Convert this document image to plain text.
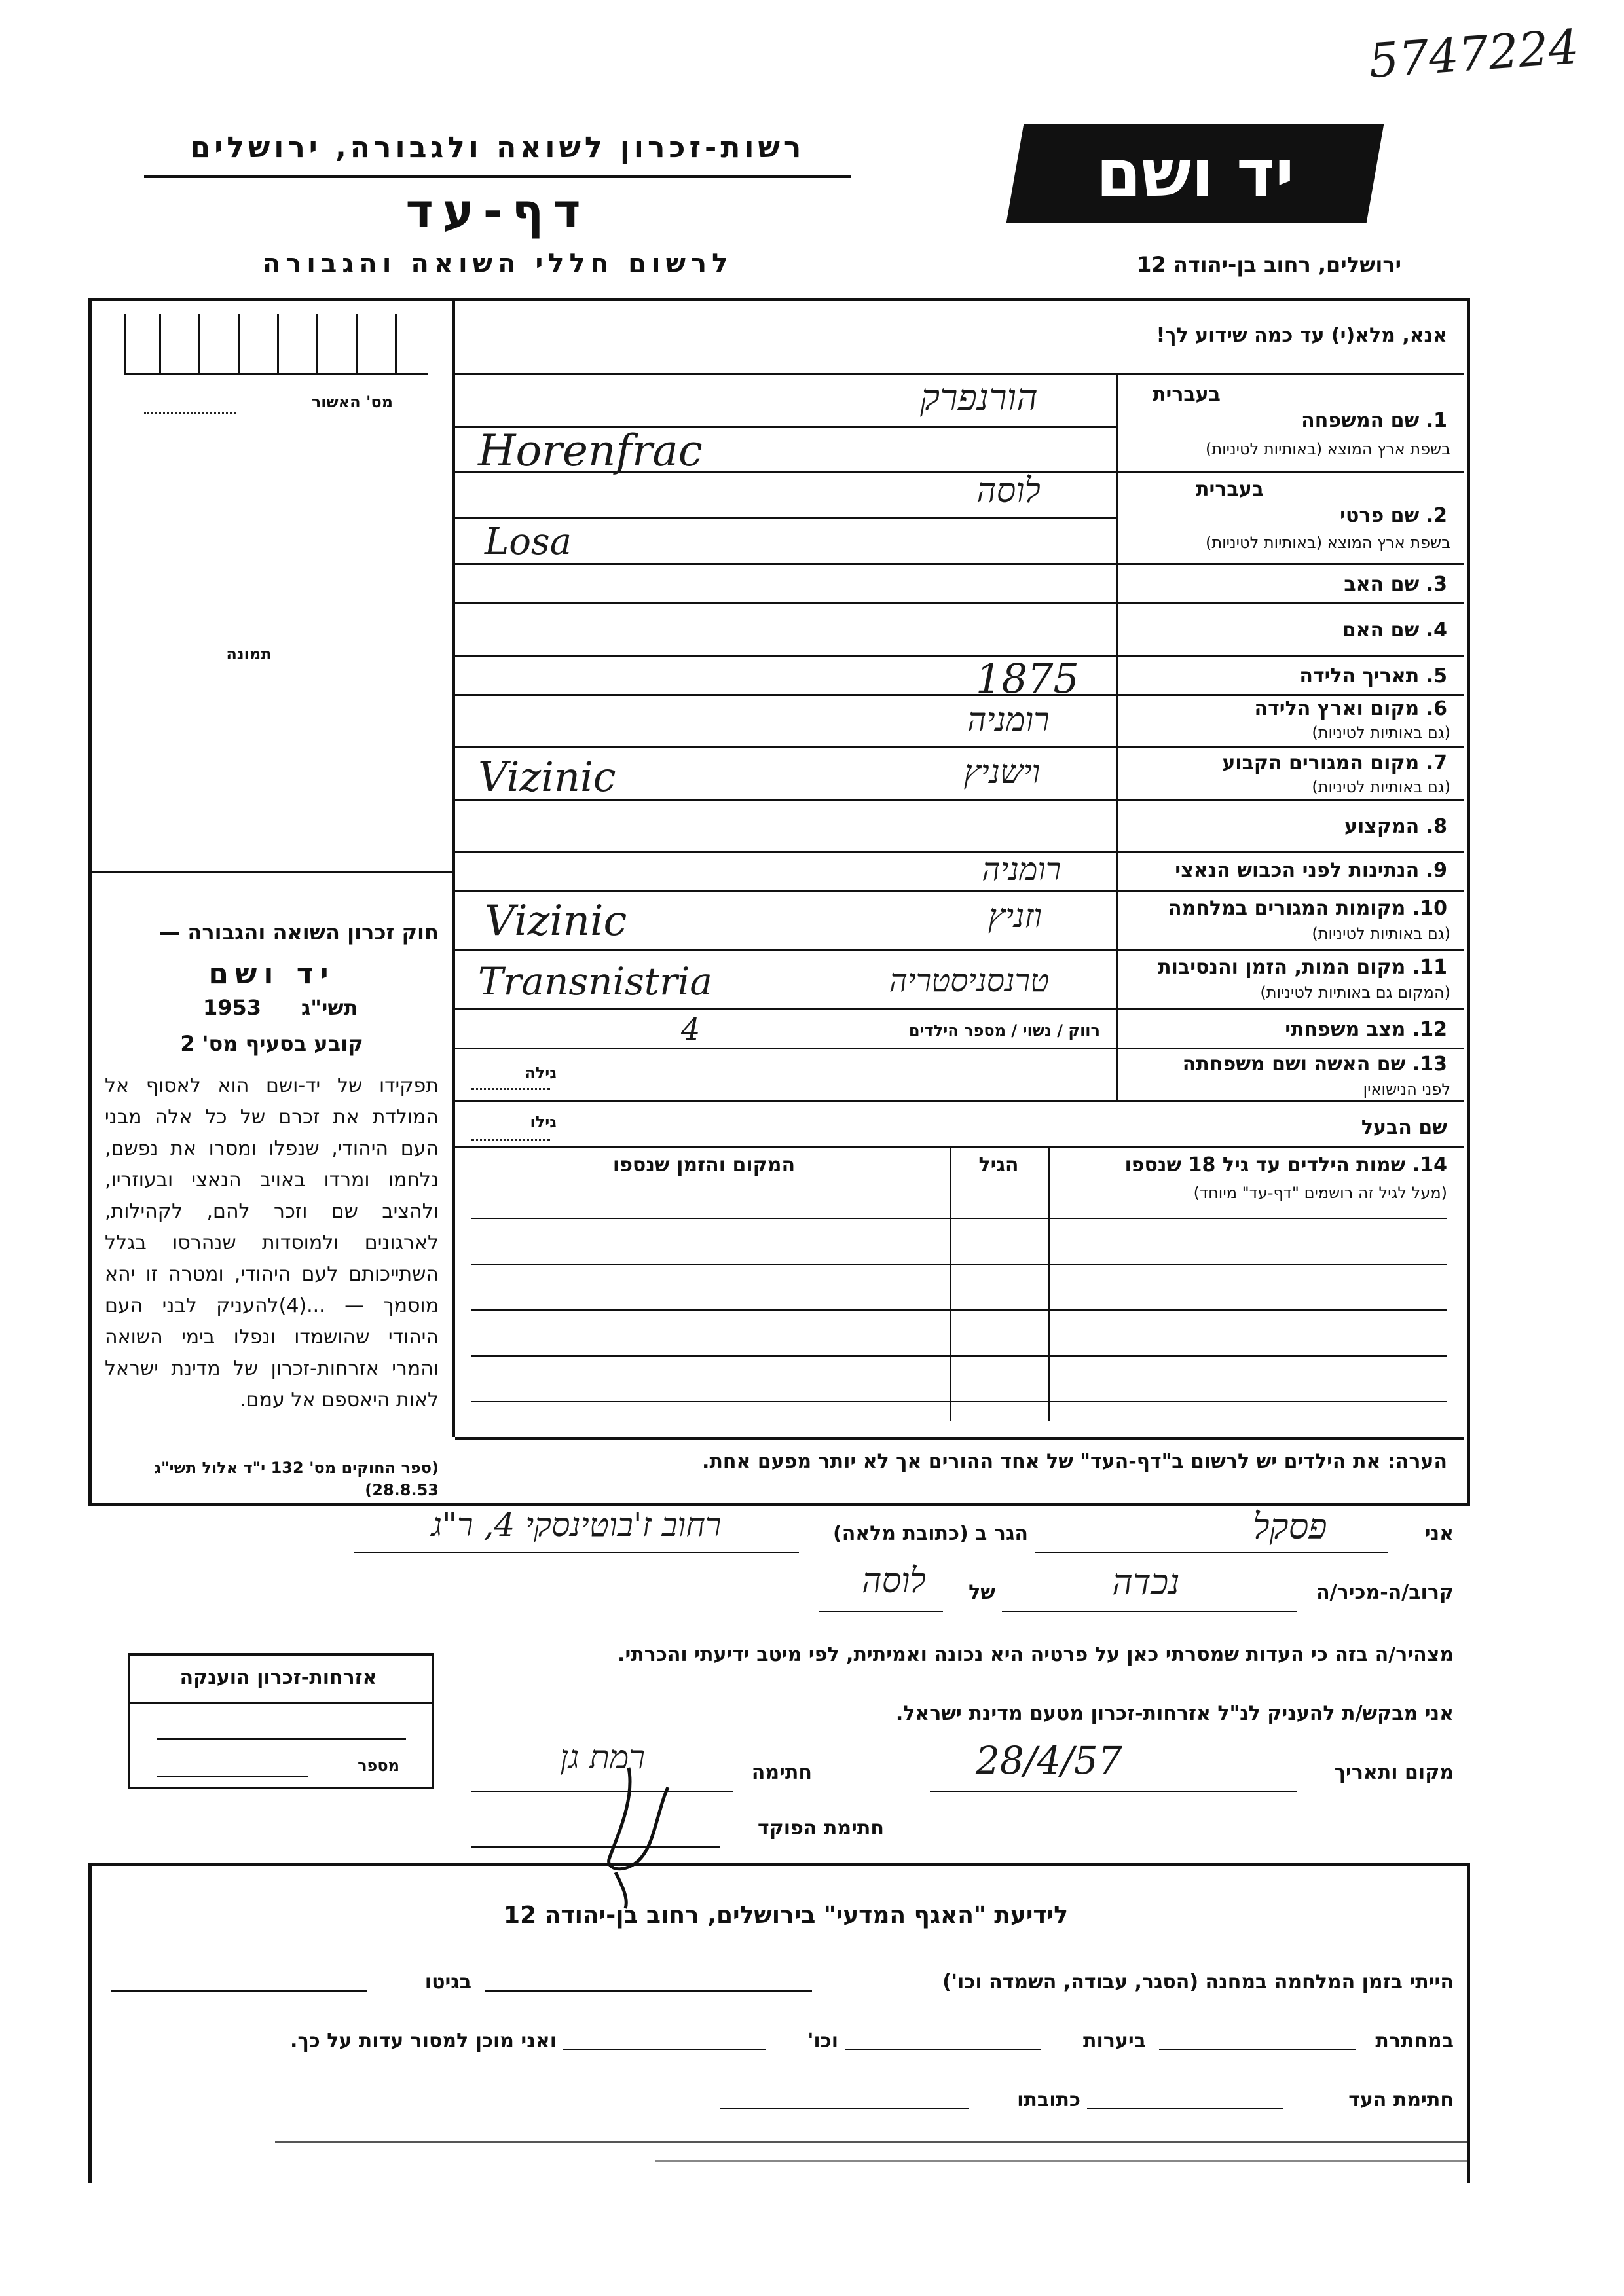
5747224
רשות-זכרון לשואה ולגבורה, ירושלים
דף-עד
לרשום חללי השואה והגבורה
יד ושם
ירושלים, רחוב בן-יהודה 12
אנא, מלא(י) עד כמה שידוע לך!
מס' האשור
תמונה
בעברית
1. שם המשפחה
בשפת ארץ המוצא (באותיות לטיניות)
הורנפרק
Horenfrac
בעברית
2. שם פרטי
בשפת ארץ המוצא (באותיות לטיניות)
לוסה
Losa
3. שם האב
4. שם האם
5. תאריך הלידה
1875
6. מקום וארץ הלידה
(גם באותיות לטיניות)
רומניה
7. מקום המגורים הקבוע
(גם באותיות לטיניות)
וישניץ
Vizinic
8. המקצוע
9. הנתינות לפני הכבוש הנאצי
רומניה
10. מקומות המגורים במלחמה
(גם באותיות לטיניות)
וזניץ
Vizinic
11. מקום המות, הזמן והנסיבות
(המקום גם באותיות לטיניות)
טרנסניסטריה
Transnistria
12. מצב משפחתי
רווק / נשוי / מספר הילדים
4
13. שם האשה ושם משפחתה
לפני הנישואין
גילה
שם הבעל
גילו
14. שמות הילדים עד גיל 18 שנספו
(מעל לגיל זה רושמים "דף-עד" מיוחד)
הגיל
המקום והזמן שנספו
הערה: את הילדים יש לרשום ב"דף-העד" של אחד ההורים אך לא יותר מפעם אחת.
חוק זכרון השואה והגבורה —
יד ושם
1953 תשי"ג
קובע בסעיף מס' 2
תפקידו של יד-ושם הוא לאסוף אל המולדת את זכרם של כל אלה מבני העם היהודי, שנפלו ומסרו את נפשם, נלחמו ומרדו באויב הנאצי ובעוזריו, ולהציב שם וזכר להם, לקהילות, לארגונים ולמוסדות שנהרסו בגלל השתייכותם לעם היהודי, ומטרה זו יהא מוסמך — ...(4)להעניק לבני העם היהודי שהושמדו ונפלו בימי השואה והמרי אזרחות-זכרון של מדינת ישראל לאות היאספם אל עמם.
(ספר החוקים מס' 132 י"ד אלול תשי"ג 28.8.53)
אני
פסקל
הגר ב (כתובת מלאה)
רחוב ז'בוטינסקי 4, ר"ג
קרוב/ה-מכיר/ה
נכדה
של
לוסה
מצהיר/ה בזה כי העדות שמסרתי כאן על פרטיה היא נכונה ואמיתית, לפי מיטב ידיעתי והכרתי.
אני מבקש/ת להעניק לנ"ל אזרחות-זכרון מטעם מדינת ישראל.
מקום ותאריך
28/4/57
חתימה
רמת גן
חתימת הפוקד
אזרחות-זכרון הוענקה
מספר
לידיעת "האגף המדעי" בירושלים, רחוב בן-יהודה 12
הייתי בזמן המלחמה במחנה (הסגר, עבודה, השמדה וכו')
בגיטו
במחתרת
ביערות
וכו'
ואני מוכן למסור עדות על כך.
חתימת העד
כתובתו
